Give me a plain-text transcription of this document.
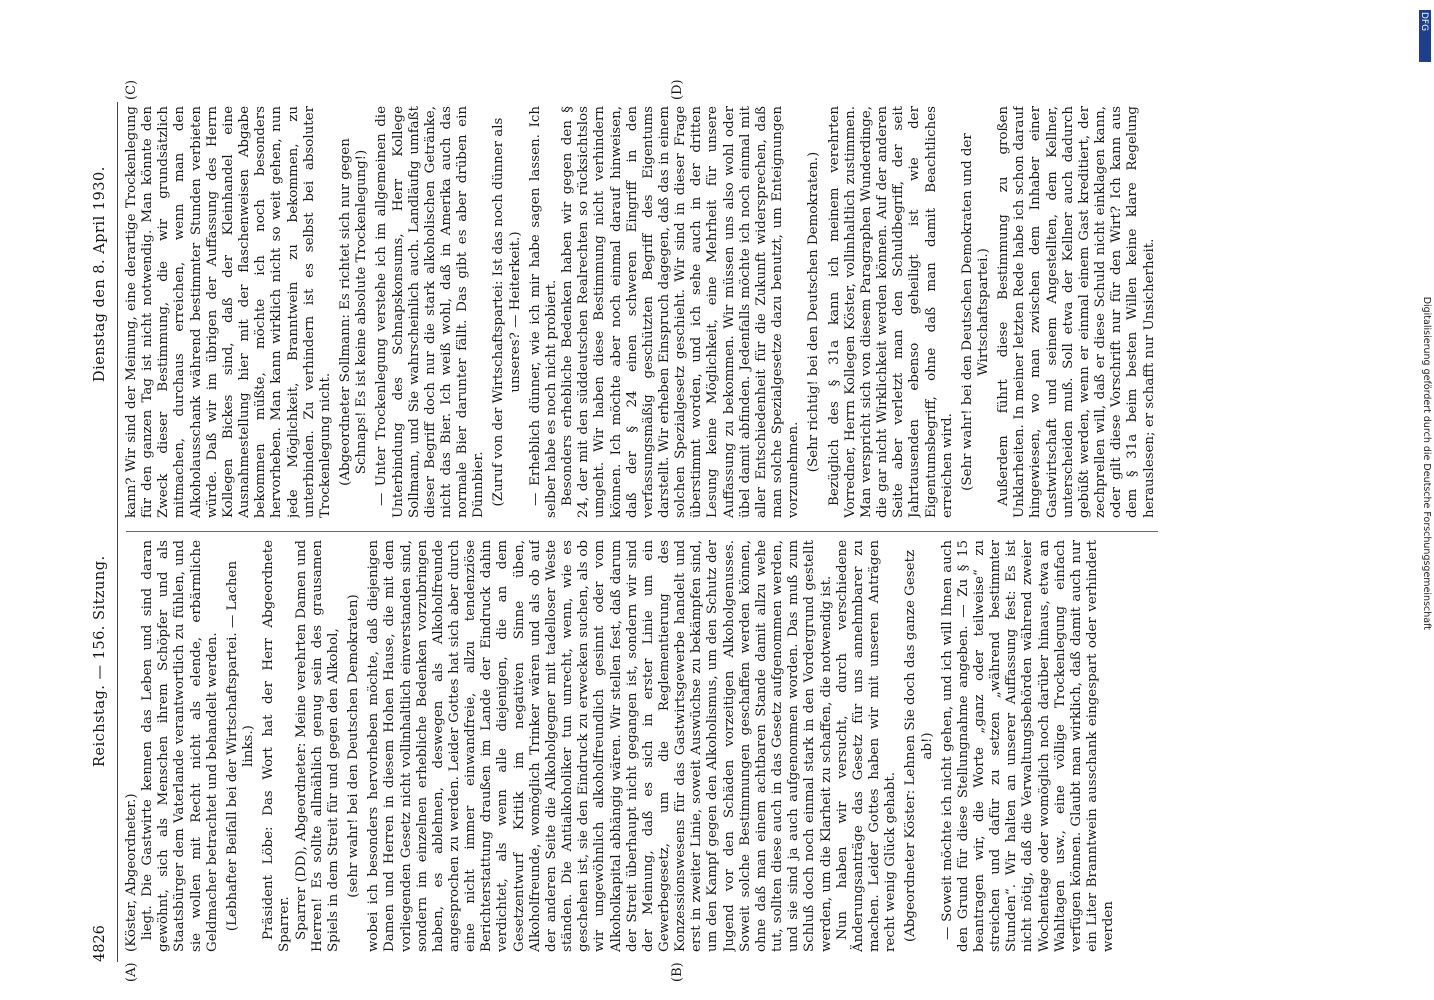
4826
Reichstag. — 156. Sitzung.
Dienstag den 8. April 1930.
(A)	(B)
(C)	(D)

(Köster, Abgeordneter.) liegt. Die Gastwirte kennen das Leben und sind daran gewöhnt, sich als Menschen ihrem Schöpfer und als Staatsbürger dem Vaterlande verantwortlich zu fühlen, und sie wollen mit Recht nicht als elende, erbärmliche Geldmacher betrachtet und behandelt werden. (Lebhafter Beifall bei der Wirtschaftspartei. — Lachen links.) Präsident Löbe: Das Wort hat der Herr Abgeordnete Sparrer. Sparrer (DD), Abgeordneter: Meine verehrten Damen und Herren! Es sollte allmählich genug sein des grausamen Spiels in dem Streit für und gegen den Alkohol, (sehr wahr! bei den Deutschen Demokraten) wobei ich besonders hervorheben möchte, daß diejenigen Damen und Herren in diesem Hohen Hause, die mit dem vorliegenden Gesetz nicht vollinhaltlich einverstanden sind, sondern im einzelnen erhebliche Bedenken vorzubringen haben, es ablehnen, deswegen als Alkoholfreunde angesprochen zu werden. Leider Gottes hat sich aber durch eine nicht immer einwandfreie, allzu tendenziöse Berichterstattung draußen im Lande der Eindruck dahin verdichtet, als wenn alle diejenigen, die an dem Gesetzentwurf Kritik im negativen Sinne üben, Alkoholfreunde, womöglich Trinker wären und als ob auf der anderen Seite die Alkoholgegner mit tadelloser Weste ständen. Die Antialkoholiker tun unrecht, wenn, wie es geschehen ist, sie den Eindruck zu erwecken suchen, als ob wir ungewöhnlich alkoholfreundlich gesinnt oder vom Alkoholkapital abhängig wären. Wir stellen fest, daß darum der Streit überhaupt nicht gegangen ist, sondern wir sind der Meinung, daß es sich in erster Linie um ein Gewerbegesetz, um die Reglementierung des Konzessionswesens für das Gastwirtsgewerbe handelt und erst in zweiter Linie, soweit Auswüchse zu bekämpfen sind, um den Kampf gegen den Alkoholismus, um den Schutz der Jugend vor den Schäden vorzeitigen Alkoholgenusses. Soweit solche Bestimmungen geschaffen werden können, ohne daß man einem achtbaren Stande damit allzu wehe tut, sollten diese auch in das Gesetz aufgenommen werden, und sie sind ja auch aufgenommen worden. Das muß zum Schluß doch noch einmal stark in den Vordergrund gestellt werden, um die Klarheit zu schaffen, die notwendig ist. Nun haben wir versucht, durch verschiedene Änderungsanträge das Gesetz für uns annehmbarer zu machen. Leider Gottes haben wir mit unseren Anträgen recht wenig Glück gehabt. (Abgeordneter Köster: Lehnen Sie doch das ganze Gesetz ab!) — Soweit möchte ich nicht gehen, und ich will Ihnen auch den Grund für diese Stellungnahme angeben. — Zu § 15 beantragen wir, die Worte „ganz oder teilweise“ zu streichen und dafür zu setzen „während bestimmter Stunden“. Wir halten an unserer Auffassung fest: Es ist nicht nötig, daß die Verwaltungsbehörden während zweier Wochentage oder womöglich noch darüber hinaus, etwa an Wahltagen usw., eine völlige Trockenlegung einfach verfügen können. Glaubt man wirklich, daß damit auch nur ein Liter Branntwein ausschank eingespart oder verhindert werden

kann? Wir sind der Meinung, eine derartige Trockenlegung für den ganzen Tag ist nicht notwendig. Man könnte den Zweck dieser Bestimmung, die wir grundsätzlich mitmachen, durchaus erreichen, wenn man den Alkoholausschank während bestimmter Stunden verbieten würde. Daß wir im übrigen der Auffassung des Herrn Kollegen Bickes sind, daß der Kleinhandel eine Ausnahmestellung hier mit der flaschenweisen Abgabe bekommen müßte, möchte ich noch besonders hervorheben. Man kann wirklich nicht so weit gehen, nun jede Möglichkeit, Branntwein zu bekommen, zu unterbinden. Zu verhindern ist es selbst bei absoluter Trockenlegung nicht. (Abgeordneter Sollmann: Es richtet sich nur gegen Schnaps! Es ist keine absolute Trockenlegung!) — Unter Trockenlegung verstehe ich im allgemeinen die Unterbindung des Schnapskonsums, Herr Kollege Sollmann, und Sie wahrscheinlich auch. Landläufig umfaßt dieser Begriff doch nur die stark alkoholischen Getränke, nicht das Bier. Ich weiß wohl, daß in Amerika auch das normale Bier darunter fällt. Das gibt es aber drüben ein Dünnbier. (Zuruf von der Wirtschaftspartei: Ist das noch dünner als unseres? — Heiterkeit.) — Erheblich dünner, wie ich mir habe sagen lassen. Ich selber habe es noch nicht probiert. Besonders erhebliche Bedenken haben wir gegen den § 24, der mit den süddeutschen Realrechten so rücksichtslos umgeht. Wir haben diese Bestimmung nicht verhindern können. Ich möchte aber noch einmal darauf hinweisen, daß der § 24 einen schweren Eingriff in den verfassungsmäßig geschützten Begriff des Eigentums darstellt. Wir erheben Einspruch dagegen, daß das in einem solchen Spezialgesetz geschieht. Wir sind in dieser Frage überstimmt worden, und ich sehe auch in der dritten Lesung keine Möglichkeit, eine Mehrheit für unsere Auffassung zu bekommen. Wir müssen uns also wohl oder übel damit abfinden. Jedenfalls möchte ich noch einmal mit aller Entschiedenheit für die Zukunft widersprechen, daß man solche Spezialgesetze dazu benutzt, um Enteignungen vorzunehmen. (Sehr richtig! bei den Deutschen Demokraten.) Bezüglich des § 31a kann ich meinem verehrten Vorredner, Herrn Kollegen Köster, vollinhaltlich zustimmen. Man verspricht sich von diesem Paragraphen Wunderdinge, die gar nicht Wirklichkeit werden können. Auf der anderen Seite aber verletzt man den Schuldbegriff, der seit Jahrtausenden ebenso geheiligt ist wie der Eigentumsbegriff, ohne daß man damit Beachtliches erreichen wird. (Sehr wahr! bei den Deutschen Demokraten und der Wirtschaftspartei.) Außerdem führt diese Bestimmung zu großen Unklarheiten. In meiner letzten Rede habe ich schon darauf hingewiesen, wo man zwischen dem Inhaber einer Gastwirtschaft und seinem Angestellten, dem Kellner, unterscheiden muß. Soll etwa der Kellner auch dadurch gebüßt werden, wenn er einmal einem Gast kreditiert, der zechprellen will, daß er diese Schuld nicht einklagen kann, oder gilt diese Vorschrift nur für den Wirt? Ich kann aus dem § 31a beim besten Willen keine klare Regelung herauslesen; er schafft nur Unsicherheit.

DFG
Digitalisierung gefördert durch die Deutsche Forschungsgemeinschaft
